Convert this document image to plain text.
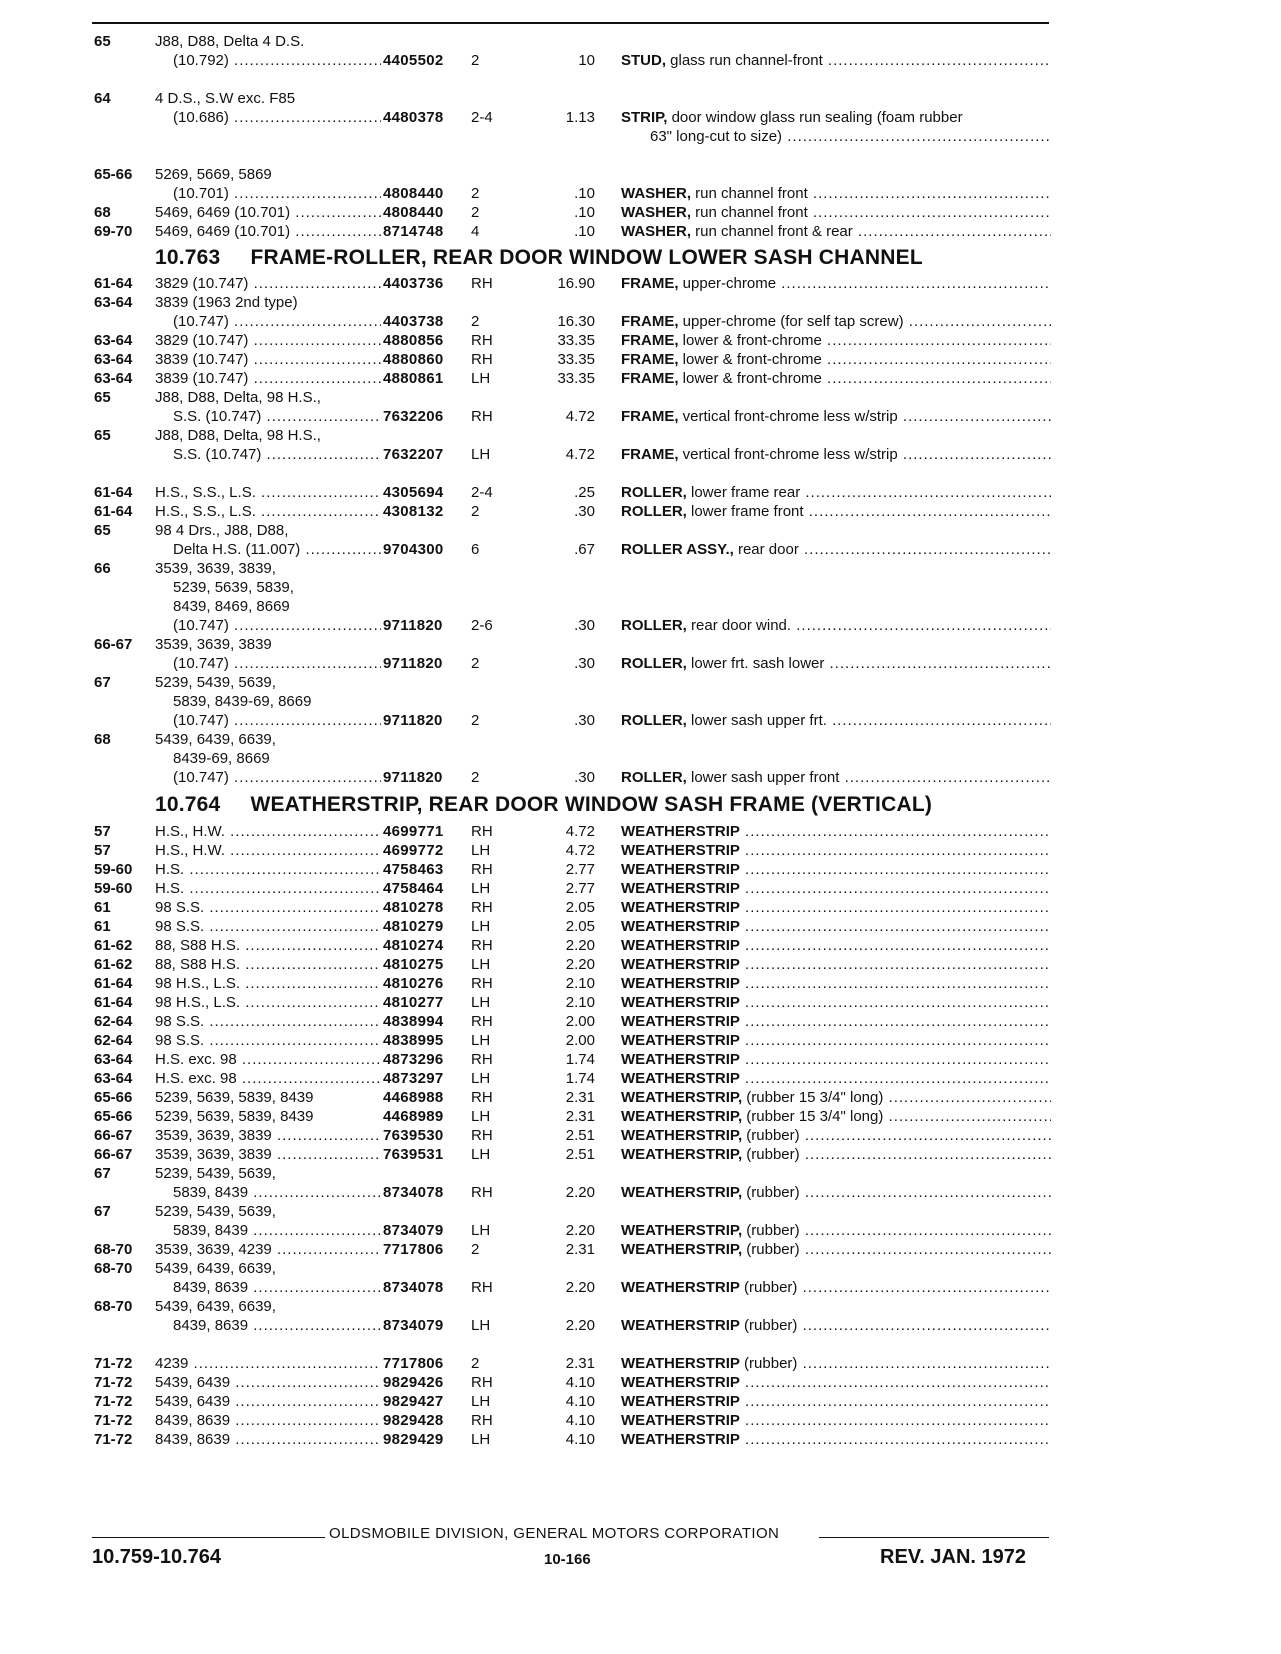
65	J88, D88, Delta 4 D.S.
(10.792) .....	4405502 2	10 STUD, glass run channel-front .....
64	4 D.S., S.W exc. F85
(10.686) .....	4480378 2-4	1.13 STRIP, door window glass run sealing (foam rubber
63" long-cut to size) .....
65-66 5269, 5669, 5869
(10.701) .....	4808440 2	.10 WASHER, run channel front .....
68	5469, 6469 (10.701) .....	4808440 2	.10 WASHER, run channel front .....
69-70 5469, 6469 (10.701) .....	8714748 4	.10 WASHER, run channel front & rear .....
10.763 FRAME-ROLLER, REAR DOOR WINDOW LOWER SASH CHANNEL
61-64 3829 (10.747) .....	4403736 RH	16.90 FRAME, upper-chrome .....
63-64 3839 (1963 2nd type)
(10.747) .....	4403738 2	16.30 FRAME, upper-chrome (for self tap screw) .....
63-64 3829 (10.747) .....	4880856 RH	33.35 FRAME, lower & front-chrome .....
63-64 3839 (10.747) .....	4880860 RH	33.35 FRAME, lower & front-chrome .....
63-64 3839 (10.747) .....	4880861 LH	33.35 FRAME, lower & front-chrome .....
65	J88, D88, Delta, 98 H.S.,
S.S. (10.747) .....	7632206 RH	4.72 FRAME, vertical front-chrome less w/strip .....
65	J88, D88, Delta, 98 H.S.,
S.S. (10.747) .....	7632207 LH	4.72 FRAME, vertical front-chrome less w/strip .....
61-64 H.S., S.S., L.S. .....	4305694 2-4	.25 ROLLER, lower frame rear .....
61-64 H.S., S.S., L.S. .....	4308132 2	.30 ROLLER, lower frame front .....
65	98 4 Drs., J88, D88,
Delta H.S. (11.007) .....	9704300 6	.67 ROLLER ASSY., rear door .....
66	3539, 3639, 3839,
5239, 5639, 5839,
8439, 8469, 8669
(10.747) .....	9711820 2-6	.30 ROLLER, rear door wind. .....
66-67 3539, 3639, 3839
(10.747) .....	9711820 2	.30 ROLLER, lower frt. sash lower .....
67	5239, 5439, 5639,
5839, 8439-69, 8669
(10.747) .....	9711820 2	.30 ROLLER, lower sash upper frt. .....
68	5439, 6439, 6639,
8439-69, 8669
(10.747) .....	9711820 2	.30 ROLLER, lower sash upper front .....
10.764 WEATHERSTRIP, REAR DOOR WINDOW SASH FRAME (VERTICAL)
57	H.S., H.W. .....	4699771 RH	4.72 WEATHERSTRIP .....
57	H.S., H.W. .....	4699772 LH	4.72 WEATHERSTRIP .....
59-60 H.S. .....	4758463 RH	2.77 WEATHERSTRIP .....
59-60 H.S. .....	4758464 LH	2.77 WEATHERSTRIP .....
61	98 S.S. .....	4810278 RH	2.05 WEATHERSTRIP .....
61	98 S.S. .....	4810279 LH	2.05 WEATHERSTRIP .....
61-62 88, S88 H.S. .....	4810274 RH	2.20 WEATHERSTRIP .....
61-62 88, S88 H.S. .....	4810275 LH	2.20 WEATHERSTRIP .....
61-64 98 H.S., L.S. .....	4810276 RH	2.10 WEATHERSTRIP .....
61-64 98 H.S., L.S. .....	4810277 LH	2.10 WEATHERSTRIP .....
62-64 98 S.S. .....	4838994 RH	2.00 WEATHERSTRIP .....
62-64 98 S.S. .....	4838995 LH	2.00 WEATHERSTRIP .....
63-64 H.S. exc. 98 .....	4873296 RH	1.74 WEATHERSTRIP .....
63-64 H.S. exc. 98 .....	4873297 LH	1.74 WEATHERSTRIP .....
65-66 5239, 5639, 5839, 8439	4468988 RH	2.31 WEATHERSTRIP, (rubber 15 3/4" long) .....
65-66 5239, 5639, 5839, 8439	4468989 LH	2.31 WEATHERSTRIP, (rubber 15 3/4" long) .....
66-67 3539, 3639, 3839 .....	7639530 RH	2.51 WEATHERSTRIP, (rubber) .....
66-67 3539, 3639, 3839 .....	7639531 LH	2.51 WEATHERSTRIP, (rubber) .....
67	5239, 5439, 5639,
5839, 8439 .....	8734078 RH	2.20 WEATHERSTRIP, (rubber) .....
67	5239, 5439, 5639,
5839, 8439 .....	8734079 LH	2.20 WEATHERSTRIP, (rubber) .....
68-70 3539, 3639, 4239 .....	7717806 2	2.31 WEATHERSTRIP, (rubber) .....
68-70 5439, 6439, 6639,
8439, 8639 .....	8734078 RH	2.20 WEATHERSTRIP (rubber) .....
68-70 5439, 6439, 6639,
8439, 8639 .....	8734079 LH	2.20 WEATHERSTRIP (rubber) .....
71-72 4239 .....	7717806 2	2.31 WEATHERSTRIP (rubber) .....
71-72 5439, 6439 .....	9829426 RH	4.10 WEATHERSTRIP .....
71-72 5439, 6439 .....	9829427 LH	4.10 WEATHERSTRIP .....
71-72 8439, 8639 .....	9829428 RH	4.10 WEATHERSTRIP .....
71-72 8439, 8639 .....	9829429 LH	4.10 WEATHERSTRIP .....
OLDSMOBILE DIVISION, GENERAL MOTORS CORPORATION
10.759-10.764	10-166	REV. JAN. 1972
